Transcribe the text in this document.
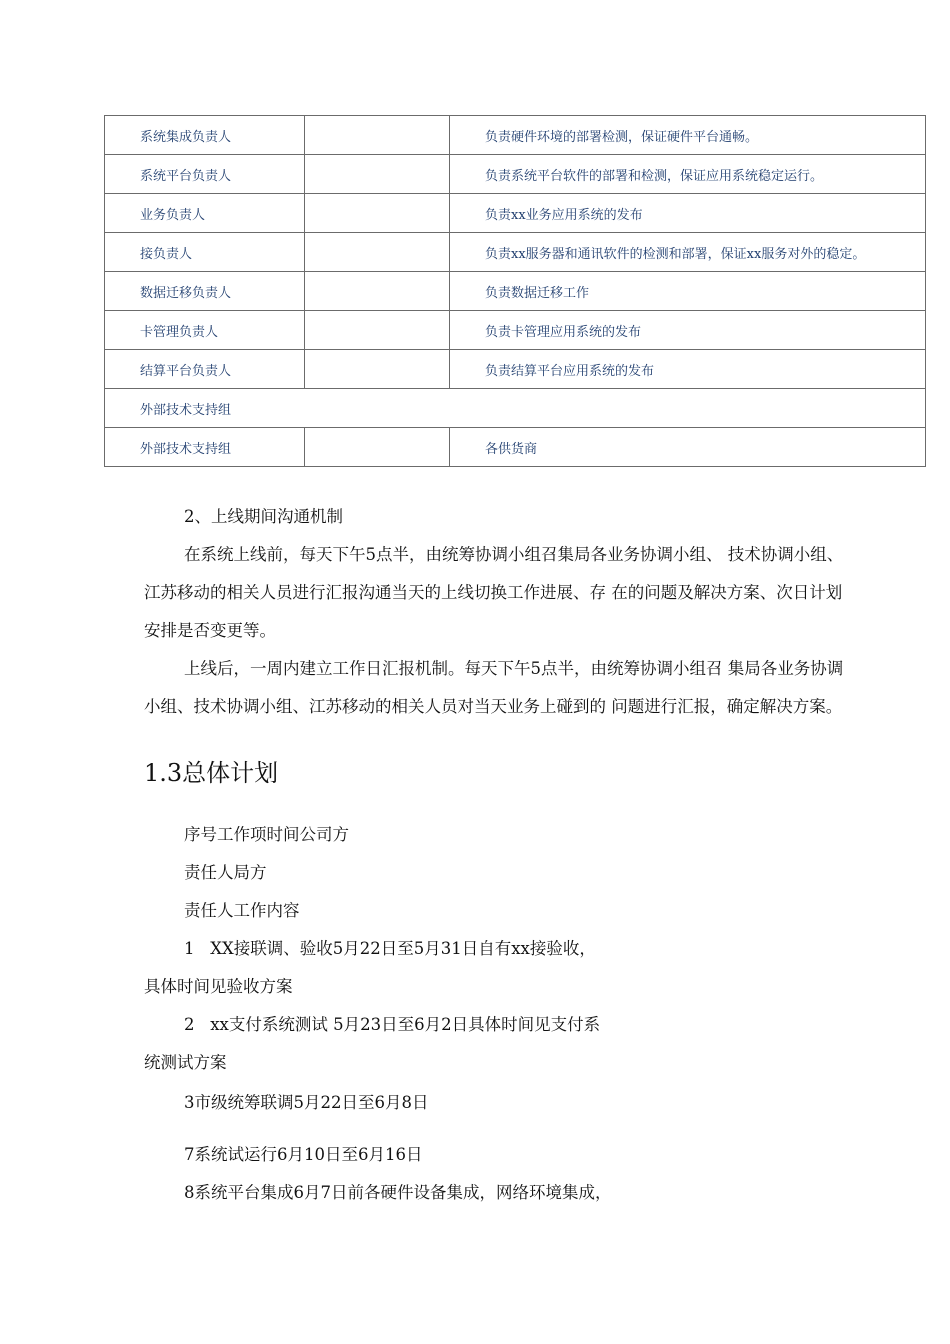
系统集成负责人		负责硬件环境的部署检测，保证硬件平台通畅。
系统平台负责人		负责系统平台软件的部署和检测，保证应用系统稳定运行。
业务负责人		负责xx业务应用系统的发布
接负责人		负责xx服务器和通讯软件的检测和部署，保证xx服务对外的稳定。
数据迁移负责人		负责数据迁移工作
卡管理负责人		负责卡管理应用系统的发布
结算平台负责人		负责结算平台应用系统的发布
外部技术支持组		
外部技术支持组		各供货商
2、上线期间沟通机制
在系统上线前，每天下午5点半，由统筹协调小组召集局各业务协调小组、 技术协调小组、
江苏移动的相关人员进行汇报沟通当天的上线切换工作进展、存 在的问题及解决方案、次日计划
安排是否变更等。
上线后，一周内建立工作日汇报机制。每天下午5点半，由统筹协调小组召 集局各业务协调
小组、技术协调小组、江苏移动的相关人员对当天业务上碰到的 问题进行汇报，确定解决方案。
1.3总体计划
序号工作项时间公司方
责任人局方
责任人工作内容
1   XX接联调、验收5月22日至5月31日自有xx接验收，
具体时间见验收方案
2   xx支付系统测试 5月23日至6月2日具体时间见支付系
统测试方案
3市级统筹联调5月22日至6月8日
7系统试运行6月10日至6月16日
8系统平台集成6月7日前各硬件设备集成，网络环境集成，
